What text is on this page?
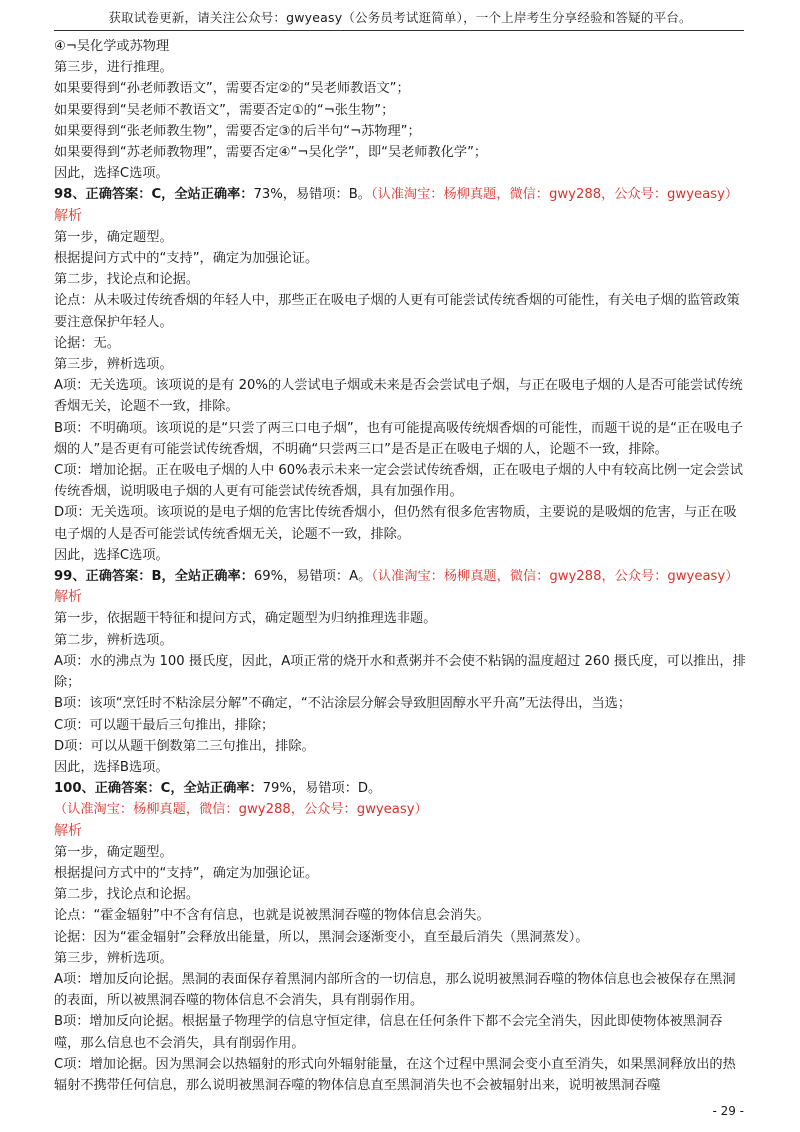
获取试卷更新，请关注公众号：gwyeasy（公务员考试逛简单），一个上岸考生分享经验和答疑的平台。
④¬吴化学或苏物理
第三步，进行推理。
如果要得到“孙老师教语文”，需要否定②的“吴老师教语文”；
如果要得到“吴老师不教语文”，需要否定①的“¬张生物”；
如果要得到“张老师教生物”，需要否定③的后半句“¬苏物理”；
如果要得到“苏老师教物理”，需要否定④“¬吴化学”，即“吴老师教化学”；
因此，选择C选项。
98、正确答案：C，全站正确率：73%，易错项：B。（认准淘宝：杨柳真题，微信：gwy288，公众号：gwyeasy）
解析
第一步，确定题型。
根据提问方式中的“支持”，确定为加强论证。
第二步，找论点和论据。
论点：从未吸过传统香烟的年轻人中，那些正在吸电子烟的人更有可能尝试传统香烟的可能性，有关电子烟的监管政策要注意保护年轻人。
论据：无。
第三步，辨析选项。
A项：无关选项。该项说的是有 20%的人尝试电子烟或未来是否会尝试电子烟，与正在吸电子烟的人是否可能尝试传统香烟无关，论题不一致，排除。
B项：不明确项。该项说的是“只尝了两三口电子烟”，也有可能提高吸传统烟香烟的可能性，而题干说的是“正在吸电子烟的人”是否更有可能尝试传统香烟，不明确“只尝两三口”是否是正在吸电子烟的人，论题不一致，排除。
C项：增加论据。正在吸电子烟的人中 60%表示未来一定会尝试传统香烟，正在吸电子烟的人中有较高比例一定会尝试传统香烟，说明吸电子烟的人更有可能尝试传统香烟，具有加强作用。
D项：无关选项。该项说的是电子烟的危害比传统香烟小，但仍然有很多危害物质，主要说的是吸烟的危害，与正在吸电子烟的人是否可能尝试传统香烟无关，论题不一致，排除。
因此，选择C选项。
99、正确答案：B，全站正确率：69%，易错项：A。（认准淘宝：杨柳真题，微信：gwy288，公众号：gwyeasy）
解析
第一步，依据题干特征和提问方式，确定题型为归纳推理选非题。
第二步，辨析选项。
A项：水的沸点为 100 摄氏度，因此，A项正常的烧开水和煮粥并不会使不粘锅的温度超过 260 摄氏度，可以推出，排除；
B项：该项“烹饪时不粘涂层分解”不确定，“不沾涂层分解会导致胆固醇水平升高”无法得出，当选；
C项：可以题干最后三句推出，排除；
D项：可以从题干倒数第二三句推出，排除。
因此，选择B选项。
100、正确答案：C，全站正确率：79%，易错项：D。（认准淘宝：杨柳真题，微信：gwy288，公众号：gwyeasy）
解析
第一步，确定题型。
根据提问方式中的“支持”，确定为加强论证。
第二步，找论点和论据。
论点：“霍金辐射”中不含有信息，也就是说被黑洞吞噬的物体信息会消失。
论据：因为“霍金辐射”会释放出能量，所以，黑洞会逐渐变小，直至最后消失（黑洞蒸发）。
第三步，辨析选项。
A项：增加反向论据。黑洞的表面保存着黑洞内部所含的一切信息，那么说明被黑洞吞噬的物体信息也会被保存在黑洞的表面，所以被黑洞吞噬的物体信息不会消失，具有削弱作用。
B项：增加反向论据。根据量子物理学的信息守恒定律，信息在任何条件下都不会完全消失，因此即使物体被黑洞吞噬，那么信息也不会消失，具有削弱作用。
C项：增加论据。因为黑洞会以热辐射的形式向外辐射能量，在这个过程中黑洞会变小直至消失，如果黑洞释放出的热辐射不携带任何信息，那么说明被黑洞吞噬的物体信息直至黑洞消失也不会被辐射出来，说明被黑洞吞噬
- 29 -
